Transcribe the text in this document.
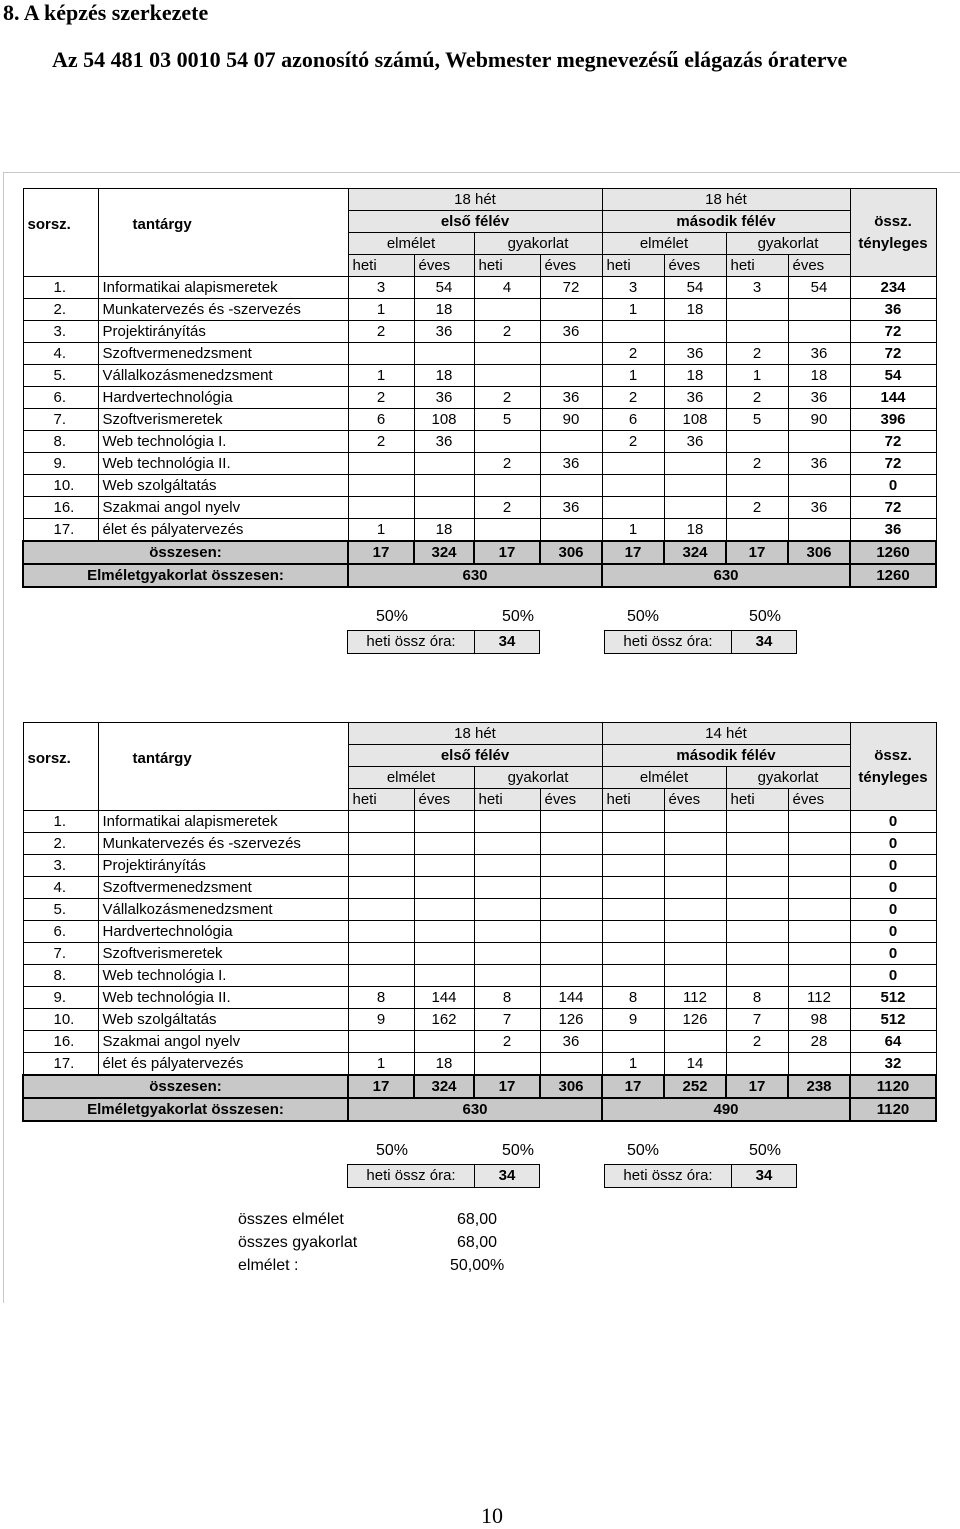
8. A képzés szerkezete
Az 54 481 03 0010 54 07 azonosító számú, Webmester megnevezésű elágazás óraterve
sorsz.	tantárgy	18 hét				18 hét				
		első félév				második félév				össz.
		elmélet		gyakorlat		elmélet		gyakorlat		tényleges
		heti	éves	heti	éves	heti	éves	heti	éves	
1.	Informatikai alapismeretek	3	54	4	72	3	54	3	54	234
2.	Munkatervezés és -szervezés	1	18			1	18			36
3.	Projektirányítás	2	36	2	36					72
4.	Szoftvermenedzsment					2	36	2	36	72
5.	Vállalkozásmenedzsment	1	18			1	18	1	18	54
6.	Hardvertechnológia	2	36	2	36	2	36	2	36	144
7.	Szoftverismeretek	6	108	5	90	6	108	5	90	396
8.	Web technológia I.	2	36			2	36			72
9.	Web technológia II.			2	36			2	36	72
10.	Web szolgáltatás									0
16.	Szakmai angol nyelv			2	36			2	36	72
17.	élet és pályatervezés	1	18			1	18			36
összesen:		17	324	17	306	17	324	17	306	1260
Elméletgyakorlat összesen:		630				630				1260
50%	50%	50%	50%
heti össz óra:	34	heti össz óra:	34
sorsz.	tantárgy	18 hét				14 hét				
		első félév				második félév				össz.
		elmélet		gyakorlat		elmélet		gyakorlat		tényleges
		heti	éves	heti	éves	heti	éves	heti	éves	
1.	Informatikai alapismeretek									0
2.	Munkatervezés és -szervezés									0
3.	Projektirányítás									0
4.	Szoftvermenedzsment									0
5.	Vállalkozásmenedzsment									0
6.	Hardvertechnológia									0
7.	Szoftverismeretek									0
8.	Web technológia I.									0
9.	Web technológia II.	8	144	8	144	8	112	8	112	512
10.	Web szolgáltatás	9	162	7	126	9	126	7	98	512
16.	Szakmai angol nyelv			2	36			2	28	64
17.	élet és pályatervezés	1	18			1	14			32
összesen:		17	324	17	306	17	252	17	238	1120
Elméletgyakorlat összesen:		630				490				1120
50%	50%	50%	50%
heti össz óra:	34	heti össz óra:	34
összes elmélet	68,00
összes gyakorlat	68,00
elmélet :	50,00%
10
